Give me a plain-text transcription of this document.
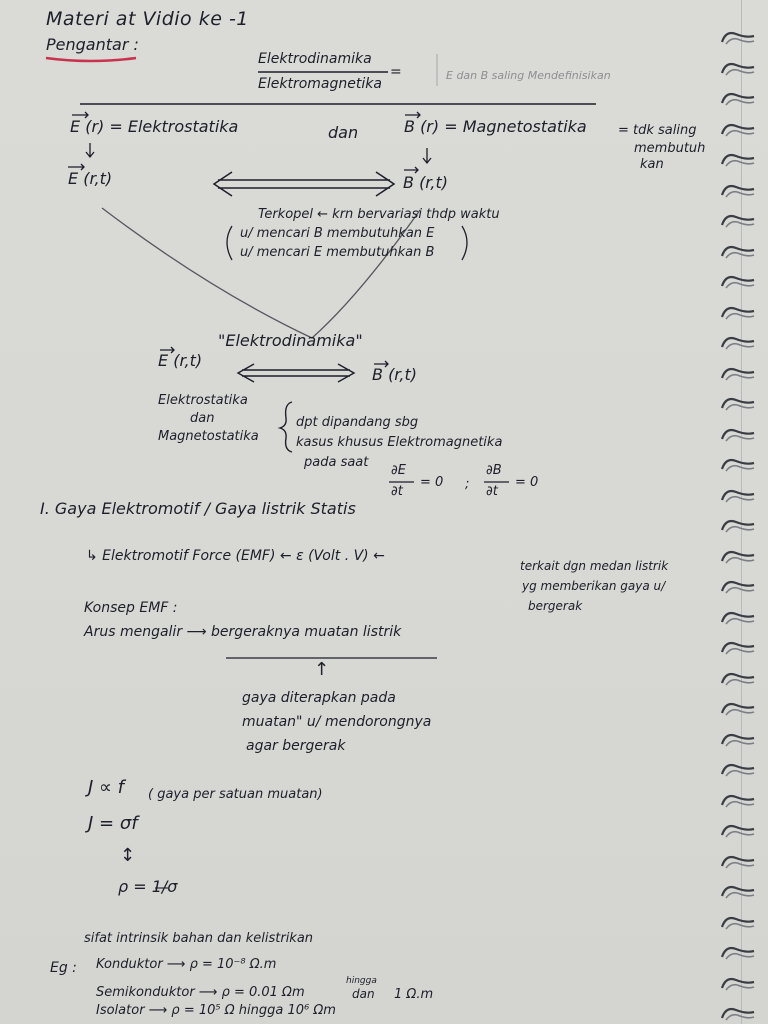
Materi at Vidio ke -1
Pengantar :
Elektrodinamika
=
Elektromagnetika
E dan B saling Mendefinisikan
E (r) = Elektrostatika	dan	B (r) = Magnetostatika = tdk saling
membutuh
kan
E (r,t)	B (r,t)
Terkopel ← krn bervariasi thdp waktu
u/ mencari B membutuhkan E
u/ mencari E membutuhkan B
"Elektrodinamika"
E (r,t)
B (r,t)
Elektrostatika
dan
Magnetostatika
dpt dipandang sbg
kasus khusus Elektromagnetika
pada saat
∂E
∂t
= 0 ;
∂B
∂t
= 0
I. Gaya Elektromotif / Gaya listrik Statis
↳ Elektromotif Force (EMF) ← ε (Volt . V) ←
terkait dgn medan listrik
yg memberikan gaya u/
bergerak
Konsep EMF :
Arus mengalir ⟶ bergeraknya muatan listrik
↑
gaya diterapkan pada
muatan" u/ mendorongnya
agar bergerak
J ∝ f ( gaya per satuan muatan)
J = σf
↕
ρ = 1/σ
sifat intrinsik bahan dan kelistrikan
Eg : Konduktor ⟶ ρ = 10⁻⁸ Ω.m
Semikonduktor ⟶ ρ = 0.01 Ωm
hingga
dan 1 Ω.m
Isolator ⟶ ρ = 10⁵ Ω hingga 10⁶ Ωm
